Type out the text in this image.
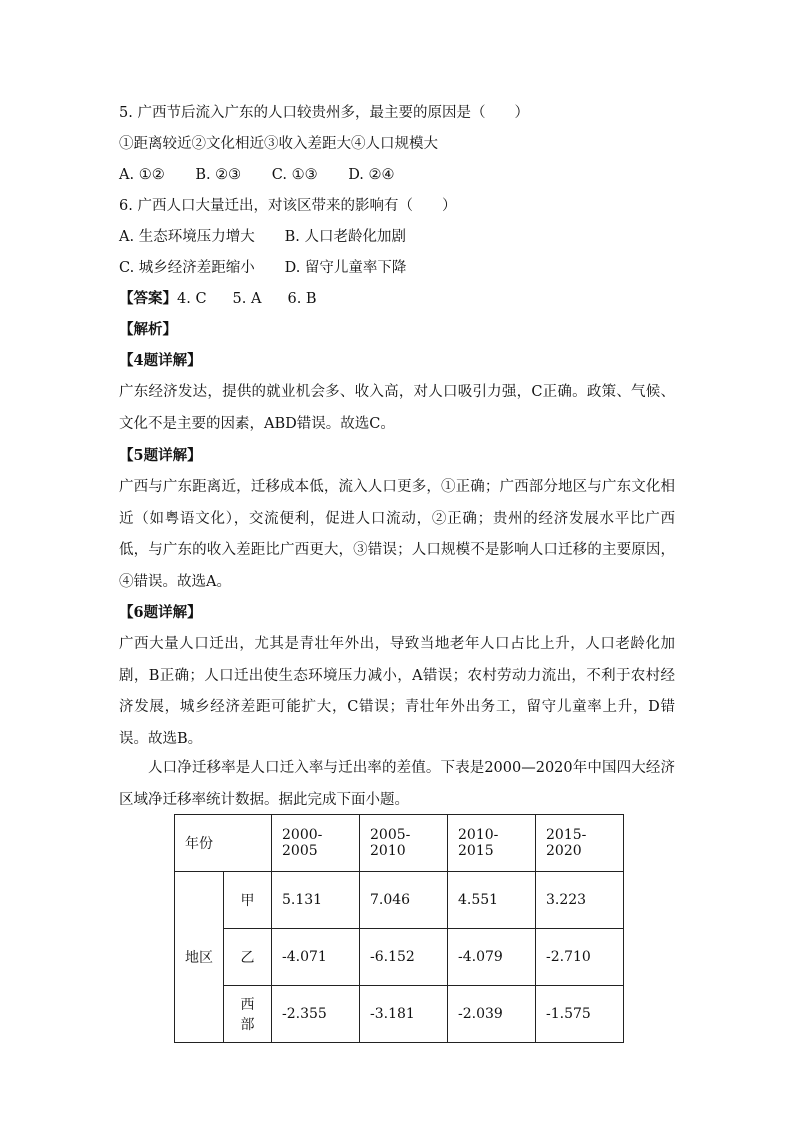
5. 广西节后流入广东的人口较贵州多，最主要的原因是（　　）
①距离较近②文化相近③收入差距大④人口规模大
A. ①② B. ②③ C. ①③ D. ②④
6. 广西人口大量迁出，对该区带来的影响有（　　）
A. 生态环境压力增大 B. 人口老龄化加剧
C. 城乡经济差距缩小 D. 留守儿童率下降
【答案】4. C 5. A 6. B
【解析】
【4题详解】
广东经济发达，提供的就业机会多、收入高，对人口吸引力强，C正确。政策、气候、文化不是主要的因素，ABD错误。故选C。
【5题详解】
广西与广东距离近，迁移成本低，流入人口更多，①正确；广西部分地区与广东文化相近（如粤语文化），交流便利，促进人口流动，②正确；贵州的经济发展水平比广西低，与广东的收入差距比广西更大，③错误；人口规模不是影响人口迁移的主要原因，④错误。故选A。
【6题详解】
广西大量人口迁出，尤其是青壮年外出，导致当地老年人口占比上升，人口老龄化加剧，B正确；人口迁出使生态环境压力减小，A错误；农村劳动力流出，不利于农村经济发展，城乡经济差距可能扩大，C错误；青壮年外出务工，留守儿童率上升，D错误。故选B。
人口净迁移率是人口迁入率与迁出率的差值。下表是2000—2020年中国四大经济区域净迁移率统计数据。据此完成下面小题。
年份		2000-2005	2005-2010	2010-2015	2015-2020
地区	甲	5.131	7.046	4.551	3.223
	乙	-4.071	-6.152	-4.079	-2.710
	西部	-2.355	-3.181	-2.039	-1.575
